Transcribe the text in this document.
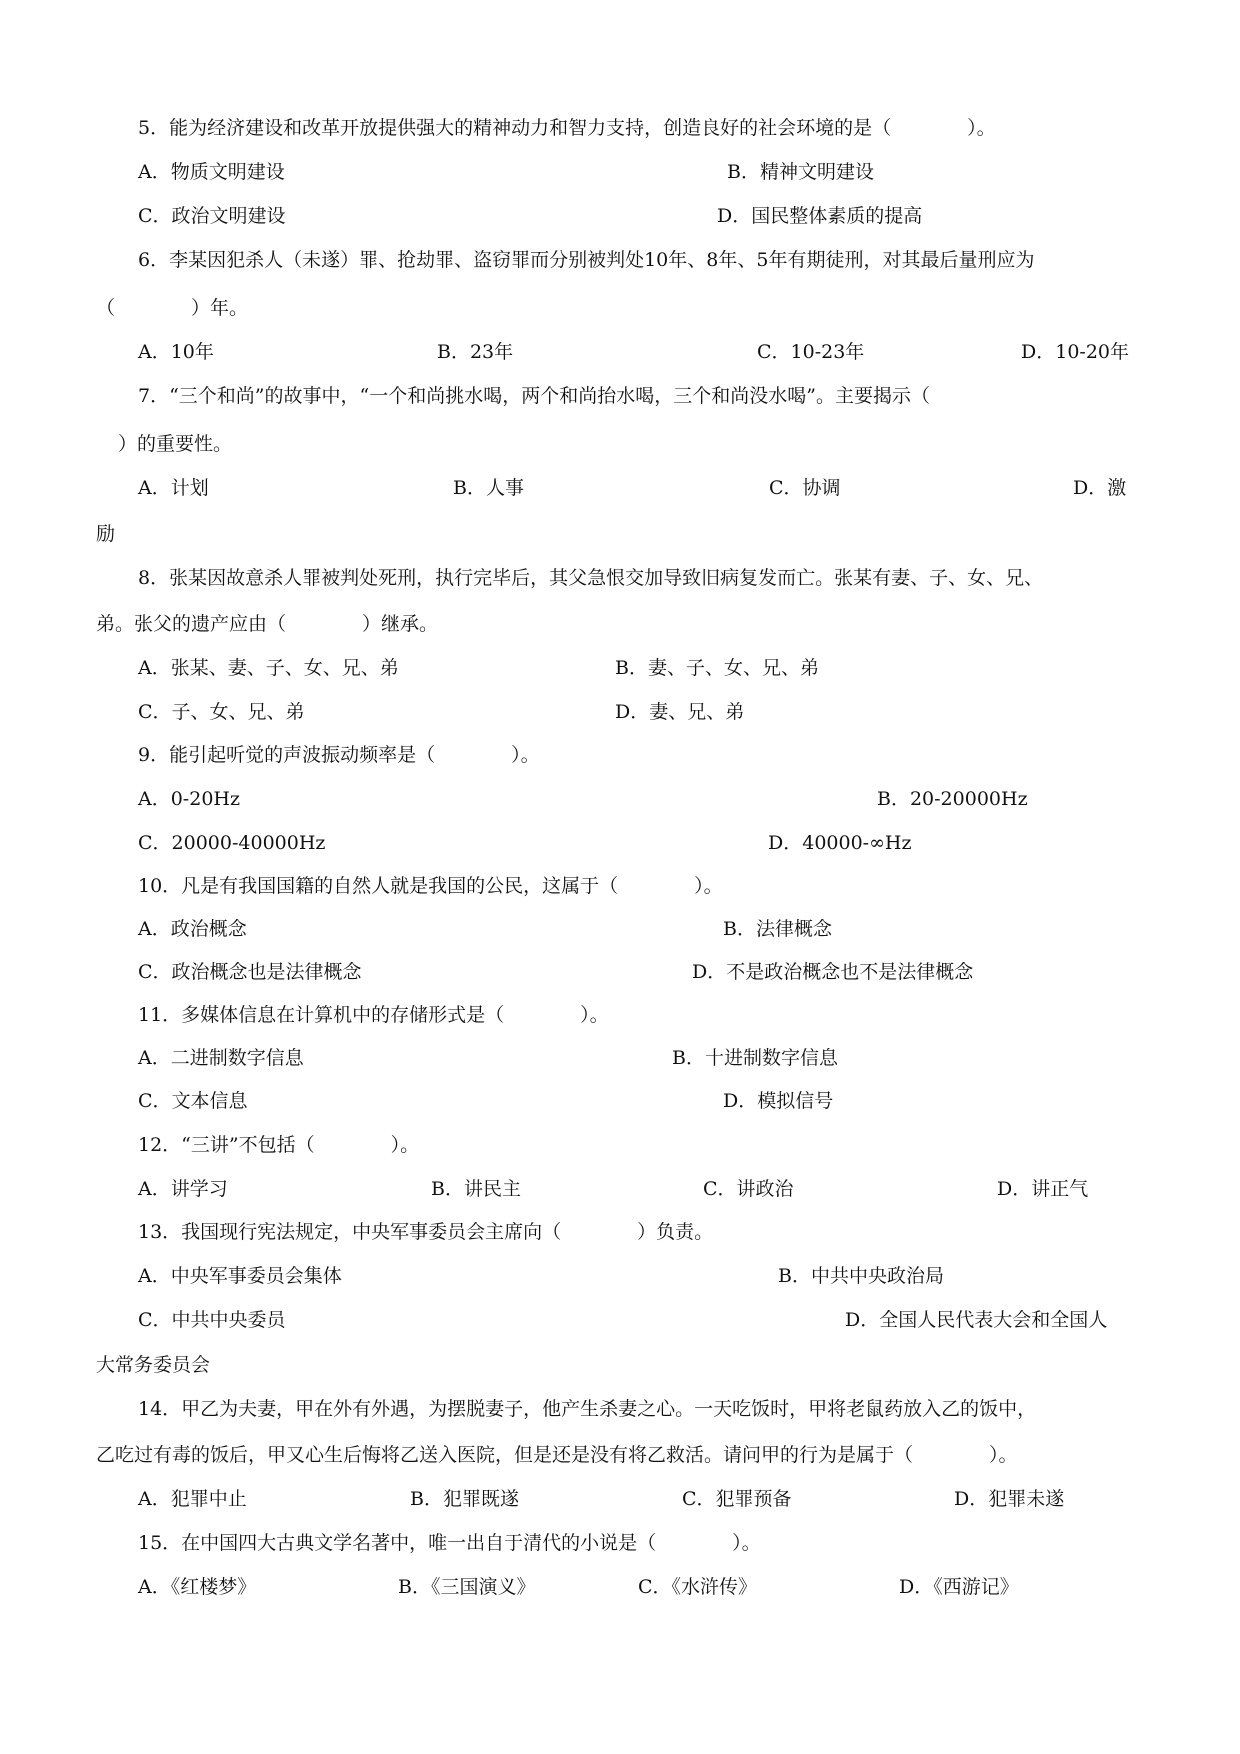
5．能为经济建设和改革开放提供强大的精神动力和智力支持，创造良好的社会环境的是（　　　　）。
A．物质文明建设	B．精神文明建设
C．政治文明建设	D．国民整体素质的提高
6．李某因犯杀人（未遂）罪、抢劫罪、盗窃罪而分别被判处10年、8年、5年有期徒刑，对其最后量刑应为
（　　　　）年。
A．10年	B．23年	C．10-23年	D．10-20年
7．“三个和尚”的故事中，“一个和尚挑水喝，两个和尚抬水喝，三个和尚没水喝”。主要揭示（
）的重要性。
A．计划	B．人事	C．协调	D．激
励
8．张某因故意杀人罪被判处死刑，执行完毕后，其父急恨交加导致旧病复发而亡。张某有妻、子、女、兄、
弟。张父的遗产应由（　　　　）继承。
A．张某、妻、子、女、兄、弟	B．妻、子、女、兄、弟
C．子、女、兄、弟	D．妻、兄、弟
9．能引起听觉的声波振动频率是（　　　　）。
A．0-20Hz	B．20-20000Hz
C．20000-40000Hz	D．40000-∞Hz
10．凡是有我国国籍的自然人就是我国的公民，这属于（　　　　）。
A．政治概念	B．法律概念
C．政治概念也是法律概念	D．不是政治概念也不是法律概念
11．多媒体信息在计算机中的存储形式是（　　　　）。
A．二进制数字信息	B．十进制数字信息
C．文本信息	D．模拟信号
12．“三讲”不包括（　　　　）。
A．讲学习	B．讲民主	C．讲政治	D．讲正气
13．我国现行宪法规定，中央军事委员会主席向（　　　　）负责。
A．中央军事委员会集体	B．中共中央政治局
C．中共中央委员	D．全国人民代表大会和全国人
大常务委员会
14．甲乙为夫妻，甲在外有外遇，为摆脱妻子，他产生杀妻之心。一天吃饭时，甲将老鼠药放入乙的饭中，
乙吃过有毒的饭后，甲又心生后悔将乙送入医院，但是还是没有将乙救活。请问甲的行为是属于（　　　　）。
A．犯罪中止	B．犯罪既遂	C．犯罪预备	D．犯罪未遂
15．在中国四大古典文学名著中，唯一出自于清代的小说是（　　　　）。
A．《红楼梦》	B．《三国演义》	C．《水浒传》	D．《西游记》
